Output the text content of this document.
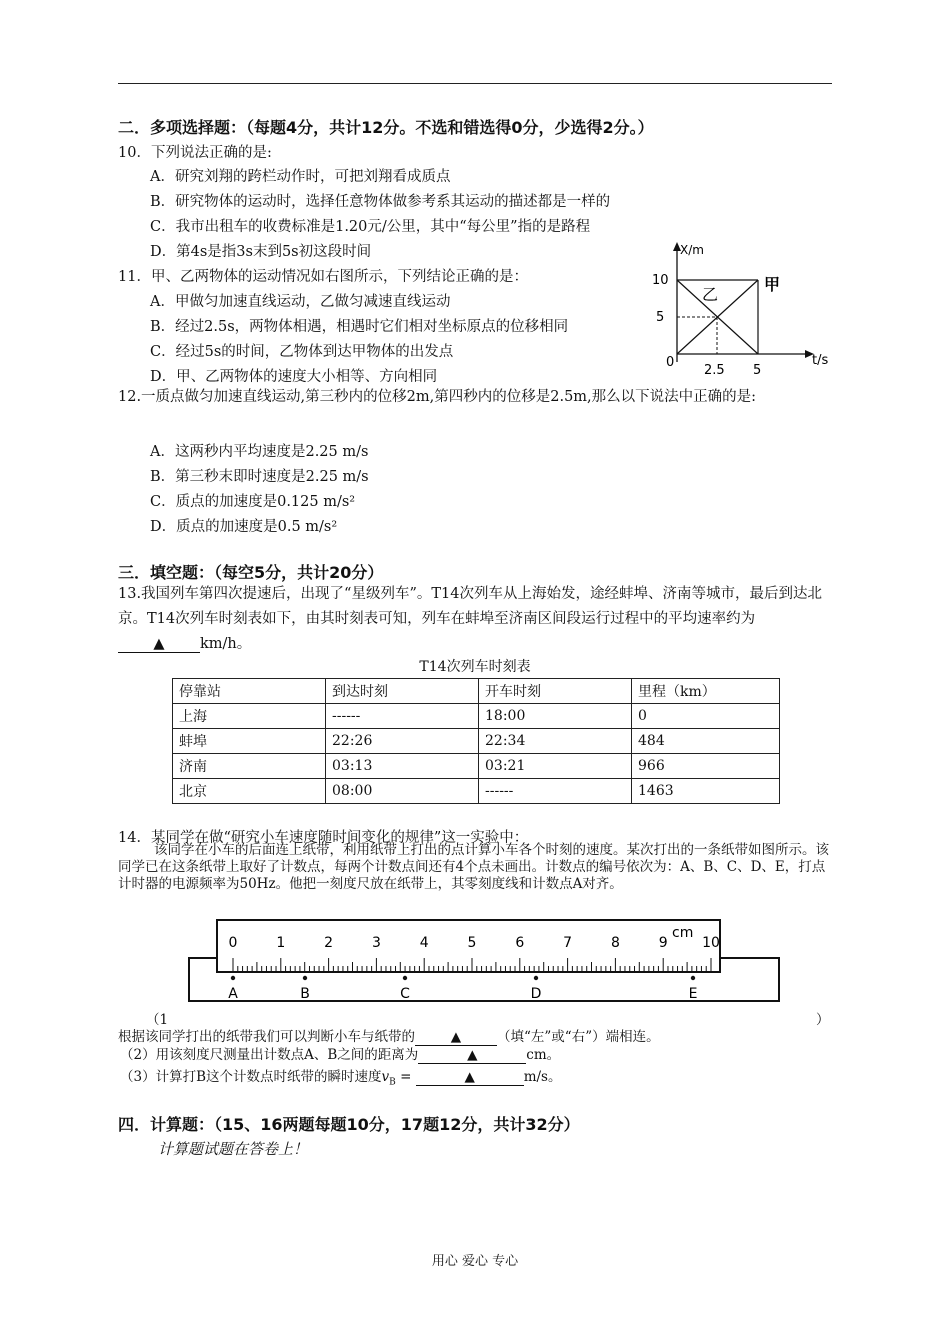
二．多项选择题：（每题4分，共计12分。不选和错选得0分，少选得2分。）
10．下列说法正确的是:
A．研究刘翔的跨栏动作时，可把刘翔看成质点
B．研究物体的运动时，选择任意物体做参考系其运动的描述都是一样的
C．我市出租车的收费标准是1.20元/公里，其中“每公里”指的是路程
D．第4s是指3s末到5s初这段时间
11．甲、乙两物体的运动情况如右图所示，下列结论正确的是：
A．甲做匀加速直线运动，乙做匀减速直线运动
B．经过2.5s，两物体相遇，相遇时它们相对坐标原点的位移相同
C．经过5s的时间，乙物体到达甲物体的出发点
D．甲、乙两物体的速度大小相等、方向相同
X/m
t/s
10
5
0
2.5 5
甲
乙
12.一质点做匀加速直线运动,第三秒内的位移2m,第四秒内的位移是2.5m,那么以下说法中正确的是:
A．这两秒内平均速度是2.25 m/s
B．第三秒末即时速度是2.25 m/s
C．质点的加速度是0.125 m/s²
D．质点的加速度是0.5 m/s²
三．填空题：（每空5分，共计20分）
13.我国列车第四次提速后，出现了“星级列车”。T14次列车从上海始发，途经蚌埠、济南等城市，最后到达北京。T14次列车时刻表如下，由其时刻表可知，列车在蚌埠至济南区间段运行过程中的平均速率约为▲ km/h。
T14次列车时刻表
停靠站	到达时刻	开车时刻	里程（km）
上海	------	18:00	0
蚌埠	22:26	22:34	484
济南	03:13	03:21	966
北京	08:00	------	1463
14．某同学在做“研究小车速度随时间变化的规律”这一实验中：
该同学在小车的后面连上纸带，利用纸带上打出的点计算小车各个时刻的速度。某次打出的一条纸带如图所示。该同学已在这条纸带上取好了计数点，每两个计数点间还有4个点未画出。计数点的编号依次为：A、B、C、D、E，打点计时器的电源频率为50Hz。他把一刻度尺放在纸带上，其零刻度线和计数点A对齐。
0	1	2	3	4	5	6	7	8	9 10
cm
A	B	C	D	E
（1	）
根据该同学打出的纸带我们可以判断小车与纸带的	▲	（填“左”或“右”）端相连。
（2）用该刻度尺测量出计数点A、B之间的距离为	▲	cm。
（3）计算打B这个计数点时纸带的瞬时速度$v_B$ =	▲	m/s。
四．计算题：（15、16两题每题10分，17题12分，共计32分）
计算题试题在答卷上！
用心 爱心 专心
